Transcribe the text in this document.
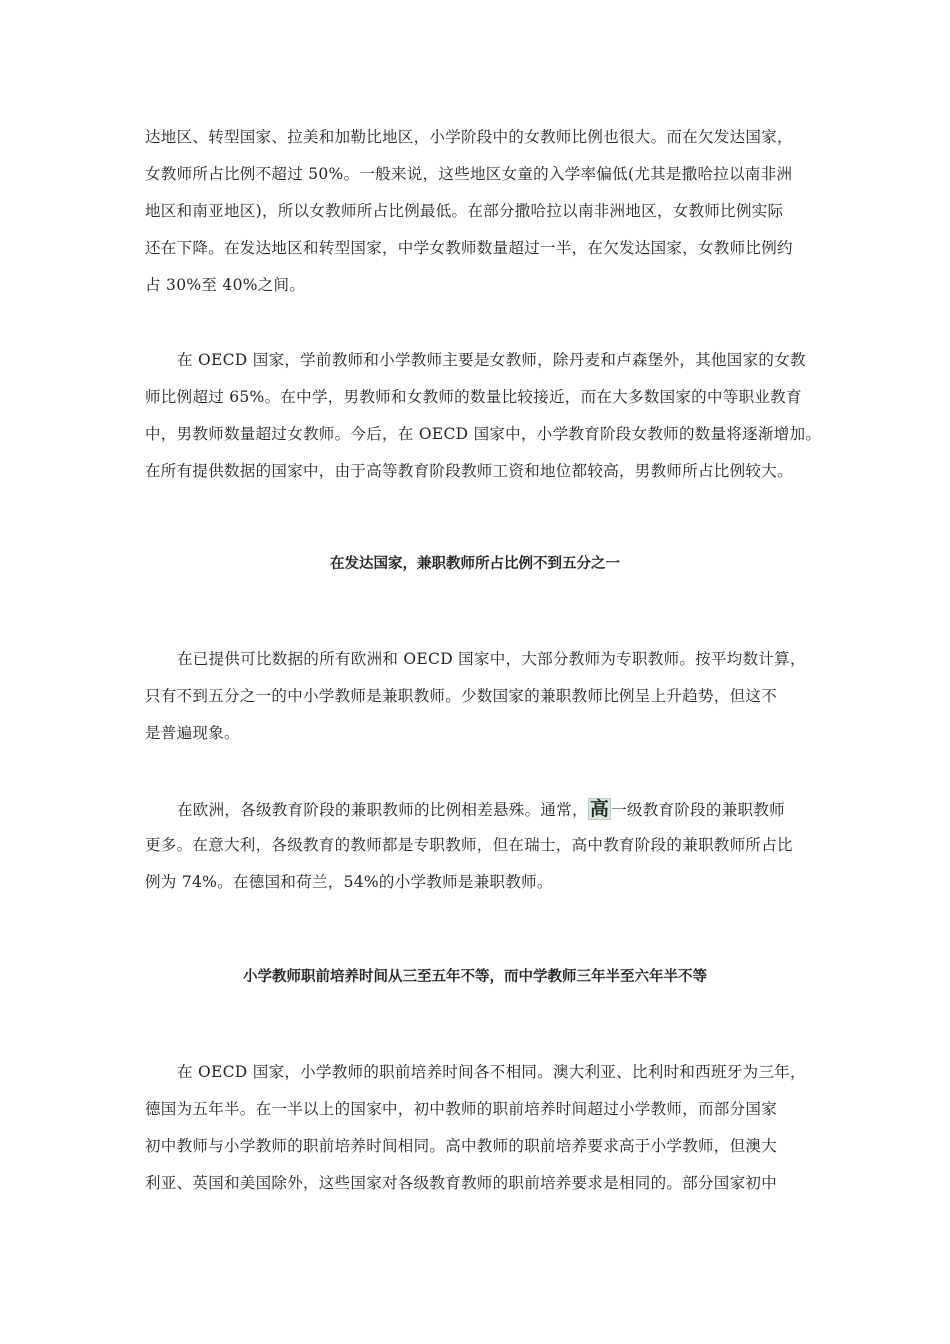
达地区、转型国家、拉美和加勒比地区，小学阶段中的女教师比例也很大。而在欠发达国家，
女教师所占比例不超过 50%。一般来说，这些地区女童的入学率偏低(尤其是撒哈拉以南非洲
地区和南亚地区)，所以女教师所占比例最低。在部分撒哈拉以南非洲地区，女教师比例实际
还在下降。在发达地区和转型国家，中学女教师数量超过一半，在欠发达国家，女教师比例约
占 30%至 40%之间。
在 OECD 国家，学前教师和小学教师主要是女教师，除丹麦和卢森堡外，其他国家的女教
师比例超过 65%。在中学，男教师和女教师的数量比较接近，而在大多数国家的中等职业教育
中，男教师数量超过女教师。今后，在 OECD 国家中，小学教育阶段女教师的数量将逐渐增加。
在所有提供数据的国家中，由于高等教育阶段教师工资和地位都较高，男教师所占比例较大。
在发达国家，兼职教师所占比例不到五分之一
在已提供可比数据的所有欧洲和 OECD 国家中，大部分教师为专职教师。按平均数计算，
只有不到五分之一的中小学教师是兼职教师。少数国家的兼职教师比例呈上升趋势，但这不
是普遍现象。
在欧洲，各级教育阶段的兼职教师的比例相差悬殊。通常， 高 一级教育阶段的兼职教师
更多。在意大利，各级教育的教师都是专职教师，但在瑞士，高中教育阶段的兼职教师所占比
例为 74%。在德国和荷兰，54%的小学教师是兼职教师。
小学教师职前培养时间从三至五年不等，而中学教师三年半至六年半不等
在 OECD 国家，小学教师的职前培养时间各不相同。澳大利亚、比利时和西班牙为三年，
德国为五年半。在一半以上的国家中，初中教师的职前培养时间超过小学教师，而部分国家
初中教师与小学教师的职前培养时间相同。高中教师的职前培养要求高于小学教师，但澳大
利亚、英国和美国除外，这些国家对各级教育教师的职前培养要求是相同的。部分国家初中
